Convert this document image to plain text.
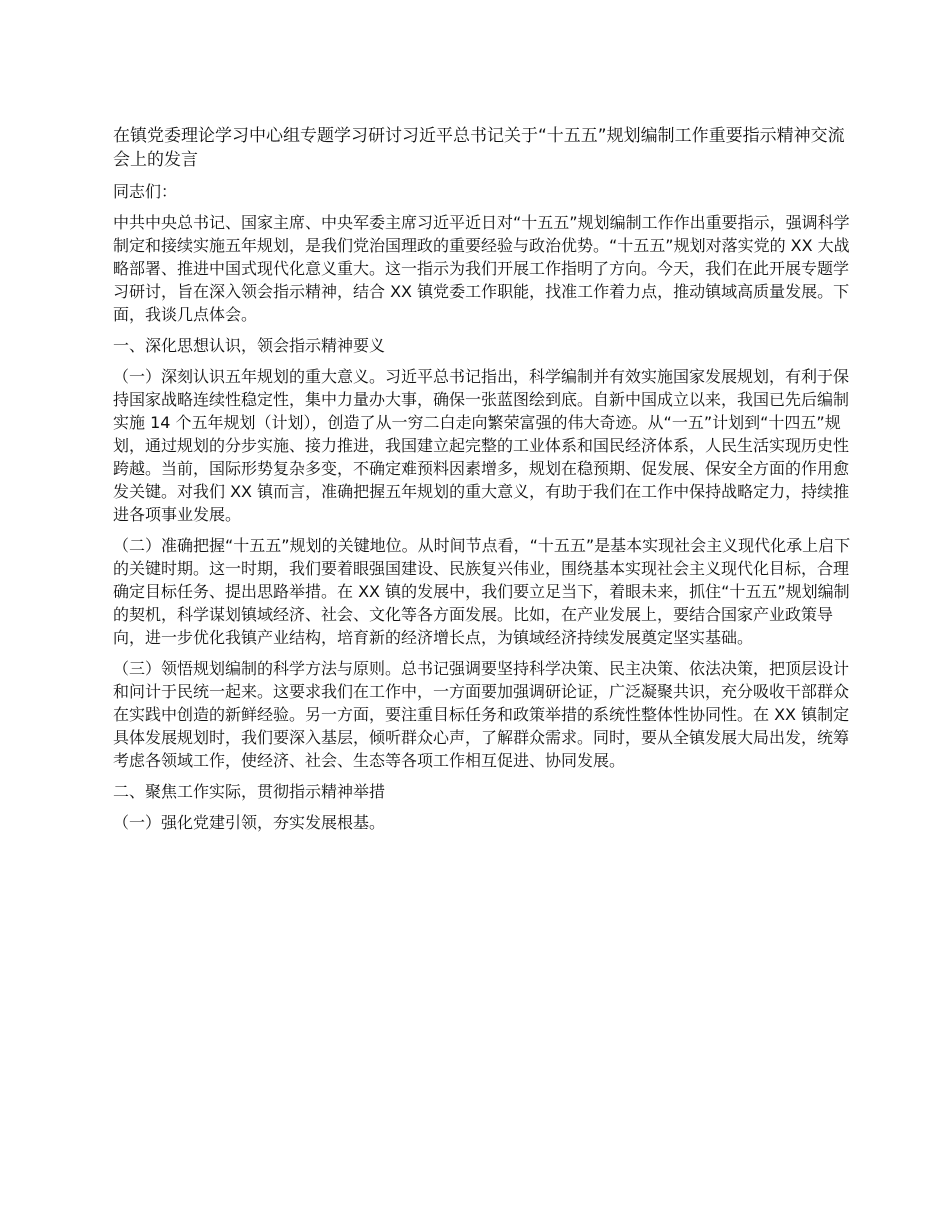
在镇党委理论学习中心组专题学习研讨习近平总书记关于“十五五”规划编制工作重要指示精神交流会上的发言
同志们：
中共中央总书记、国家主席、中央军委主席习近平近日对“十五五”规划编制工作作出重要指示，强调科学制定和接续实施五年规划，是我们党治国理政的重要经验与政治优势。“十五五”规划对落实党的 XX 大战略部署、推进中国式现代化意义重大。这一指示为我们开展工作指明了方向。今天，我们在此开展专题学习研讨，旨在深入领会指示精神，结合 XX 镇党委工作职能，找准工作着力点，推动镇域高质量发展。下面，我谈几点体会。
一、深化思想认识，领会指示精神要义
（一）深刻认识五年规划的重大意义。习近平总书记指出，科学编制并有效实施国家发展规划，有利于保持国家战略连续性稳定性，集中力量办大事，确保一张蓝图绘到底。自新中国成立以来，我国已先后编制实施 14 个五年规划（计划），创造了从一穷二白走向繁荣富强的伟大奇迹。从“一五”计划到“十四五”规划，通过规划的分步实施、接力推进，我国建立起完整的工业体系和国民经济体系，人民生活实现历史性跨越。当前，国际形势复杂多变，不确定难预料因素增多，规划在稳预期、促发展、保安全方面的作用愈发关键。对我们 XX 镇而言，准确把握五年规划的重大意义，有助于我们在工作中保持战略定力，持续推进各项事业发展。
（二）准确把握“十五五”规划的关键地位。从时间节点看，“十五五”是基本实现社会主义现代化承上启下的关键时期。这一时期，我们要着眼强国建设、民族复兴伟业，围绕基本实现社会主义现代化目标，合理确定目标任务、提出思路举措。在 XX 镇的发展中，我们要立足当下，着眼未来，抓住“十五五”规划编制的契机，科学谋划镇域经济、社会、文化等各方面发展。比如，在产业发展上，要结合国家产业政策导向，进一步优化我镇产业结构，培育新的经济增长点，为镇域经济持续发展奠定坚实基础。
（三）领悟规划编制的科学方法与原则。总书记强调要坚持科学决策、民主决策、依法决策，把顶层设计和问计于民统一起来。这要求我们在工作中，一方面要加强调研论证，广泛凝聚共识，充分吸收干部群众在实践中创造的新鲜经验。另一方面，要注重目标任务和政策举措的系统性整体性协同性。在 XX 镇制定具体发展规划时，我们要深入基层，倾听群众心声，了解群众需求。同时，要从全镇发展大局出发，统筹考虑各领域工作，使经济、社会、生态等各项工作相互促进、协同发展。
二、聚焦工作实际，贯彻指示精神举措
（一）强化党建引领，夯实发展根基。
